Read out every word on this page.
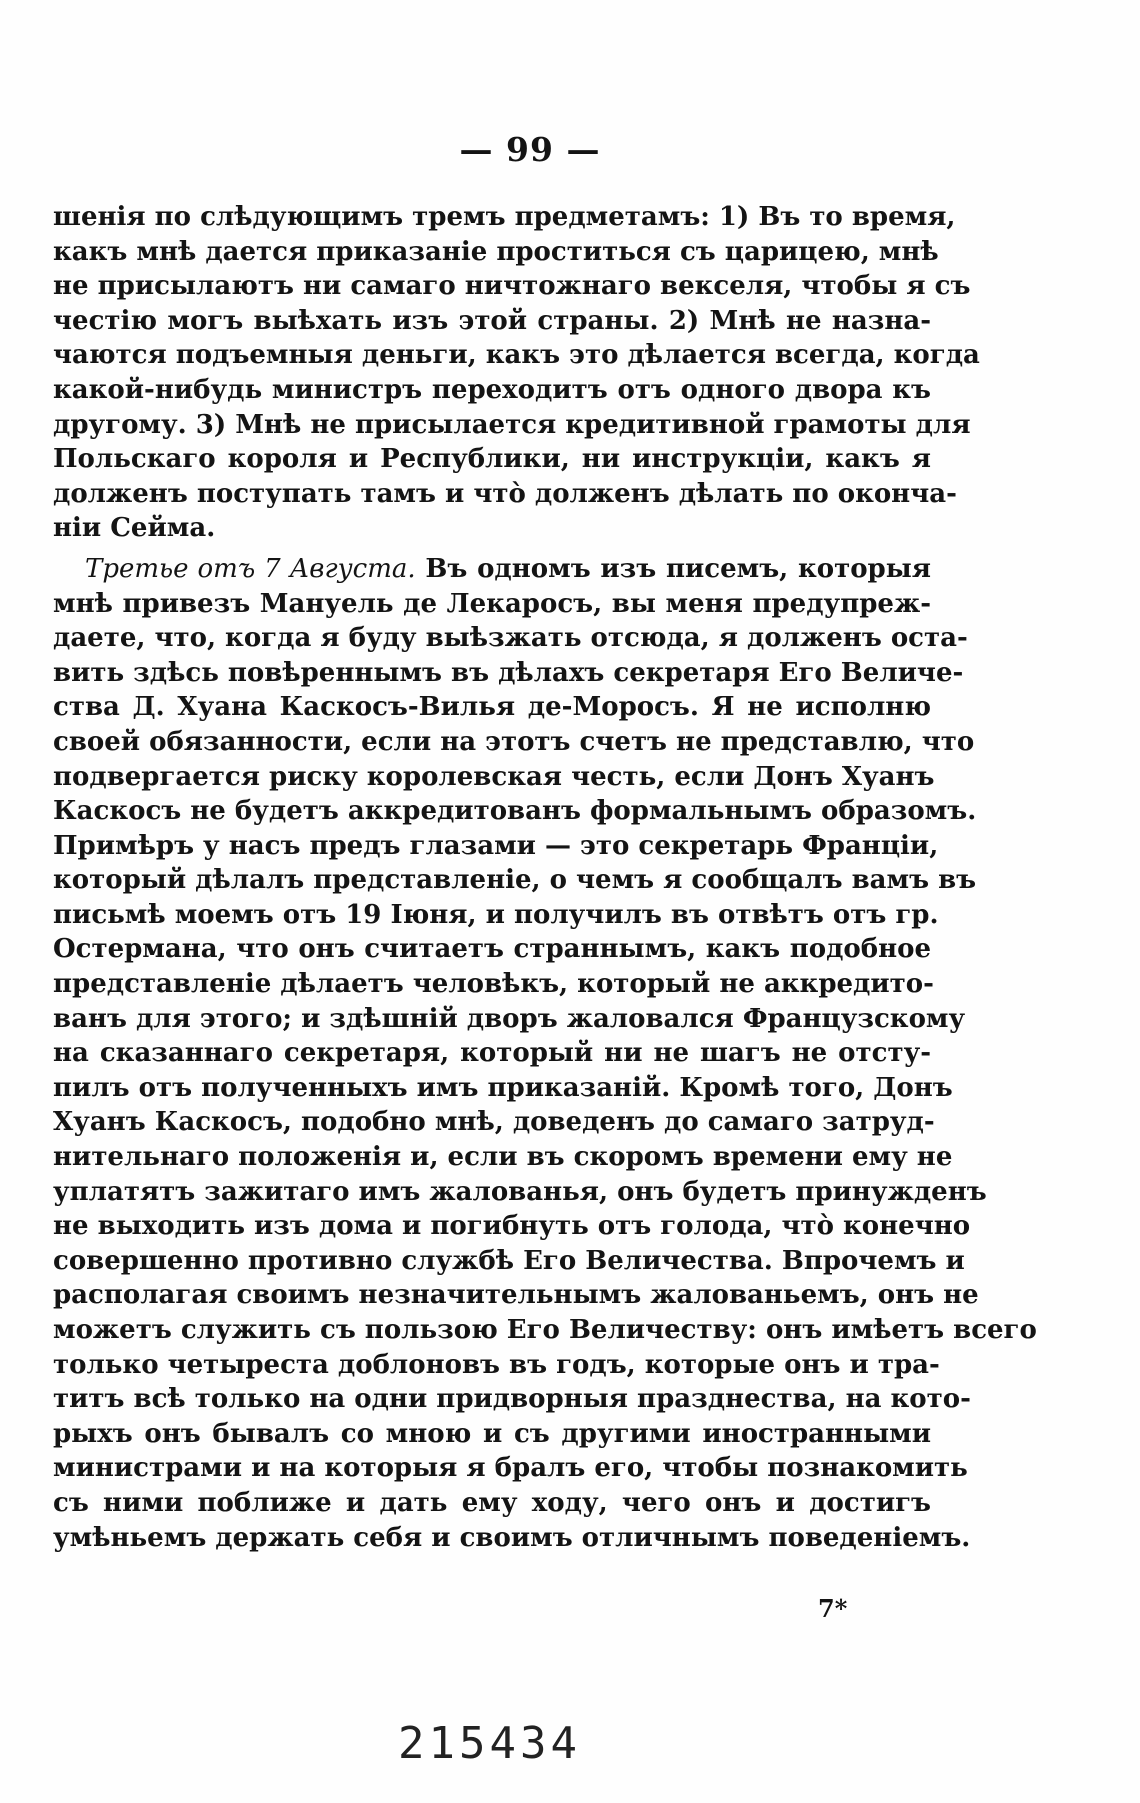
— 99 —
шенія по слѣдующимъ тремъ предметамъ: 1) Въ то время,
какъ мнѣ дается приказаніе проститься съ царицею, мнѣ
не присылаютъ ни самаго ничтожнаго векселя, чтобы я съ
честію могъ выѣхать изъ этой страны. 2) Мнѣ не назна-
чаются подъемныя деньги, какъ это дѣлается всегда, когда
какой-нибудь министръ переходитъ отъ одного двора къ
другому. 3) Мнѣ не присылается кредитивной грамоты для
Польскаго короля и Республики, ни инструкціи, какъ я
долженъ поступать тамъ и что̀ долженъ дѣлать по оконча-
ніи Сейма.
Третье отъ 7 Августа. Въ одномъ изъ писемъ, которыя
мнѣ привезъ Мануель де Лекаросъ, вы меня предупреж-
даете, что, когда я буду выѣзжать отсюда, я долженъ оста-
вить здѣсь повѣреннымъ въ дѣлахъ секретаря Его Величе-
ства Д. Хуана Каскосъ-Вилья де-Моросъ. Я не исполню
своей обязанности, если на этотъ счетъ не представлю, что
подвергается риску королевская честь, если Донъ Хуанъ
Каскосъ не будетъ аккредитованъ формальнымъ образомъ.
Примѣръ у насъ предъ глазами — это секретарь Франціи,
который дѣлалъ представленіе, о чемъ я сообщалъ вамъ въ
письмѣ моемъ отъ 19 Іюня, и получилъ въ отвѣтъ отъ гр.
Остермана, что онъ считаетъ страннымъ, какъ подобное
представленіе дѣлаетъ человѣкъ, который не аккредито-
ванъ для этого; и здѣшній дворъ жаловался Французскому
на сказаннаго секретаря, который ни не шагъ не отсту-
пилъ отъ полученныхъ имъ приказаній. Кромѣ того, Донъ
Хуанъ Каскосъ, подобно мнѣ, доведенъ до самаго затруд-
нительнаго положенія и, если въ скоромъ времени ему не
уплатятъ зажитаго имъ жалованья, онъ будетъ принужденъ
не выходить изъ дома и погибнуть отъ голода, что̀ конечно
совершенно противно службѣ Его Величества. Впрочемъ и
располагая своимъ незначительнымъ жалованьемъ, онъ не
можетъ служить съ пользою Его Величеству: онъ имѣетъ всего
только четыреста доблоновъ въ годъ, которые онъ и тра-
титъ всѣ только на одни придворныя празднества, на кото-
рыхъ онъ бывалъ со мною и съ другими иностранными
министрами и на которыя я бралъ его, чтобы познакомить
съ ними поближе и дать ему ходу, чего онъ и достигъ
умѣньемъ держать себя и своимъ отличнымъ поведеніемъ.
7*
215434
